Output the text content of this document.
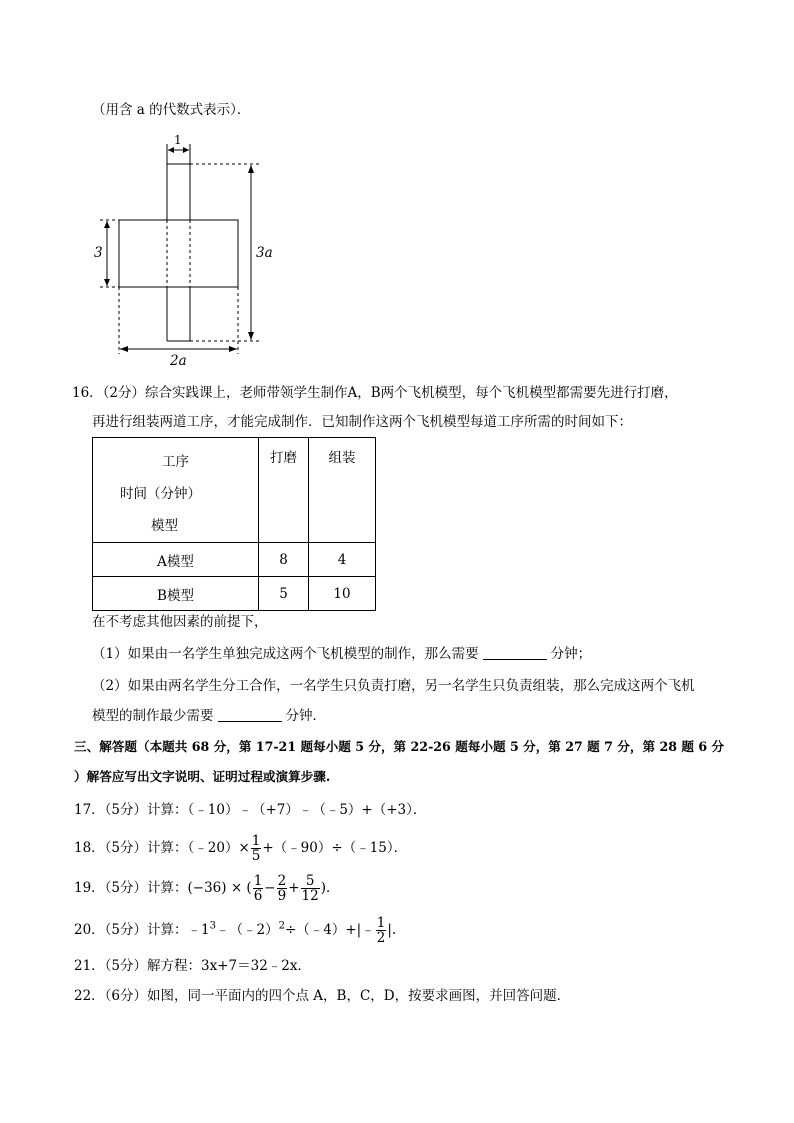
（用含 a 的代数式表示）．
1
3	3a
2a
16．（2分）综合实践课上，老师带领学生制作A，B两个飞机模型，每个飞机模型都需要先进行打磨，
再进行组装两道工序，才能完成制作．已知制作这两个飞机模型每道工序所需的时间如下：
工序
时间（分钟）
模型	打磨	组装
A模型	8	4
B模型	5	10
在不考虑其他因素的前提下，
（1）如果由一名学生单独完成这两个飞机模型的制作，那么需要	分钟；
（2）如果由两名学生分工合作，一名学生只负责打磨，另一名学生只负责组装，那么完成这两个飞机
模型的制作最少需要	分钟．
三、解答题（本题共 68 分，第 17-21 题每小题 5 分，第 22-26 题每小题 5 分，第 27 题 7 分，第 28 题 6 分
）解答应写出文字说明、证明过程或演算步骤.
17．（5分）计算：（﹣10）﹣（+7）﹣（﹣5）+（+3）．
18．（5分）计算：（﹣20）× $\frac{1}{5}$ +（﹣90）÷（﹣15）．
19．（5分）计算：(−36) × ( $\frac{1}{6} - \frac{2}{9} + \frac{5}{12}$ )．
20．（5分）计算：$﹣1^3﹣(﹣2)^2\div(﹣4)+|﹣ \frac{1}{2}$ |.
21．（5分）解方程：3x+7＝32﹣2x．
22．（6分）如图，同一平面内的四个点 A，B，C，D，按要求画图，并回答问题．
